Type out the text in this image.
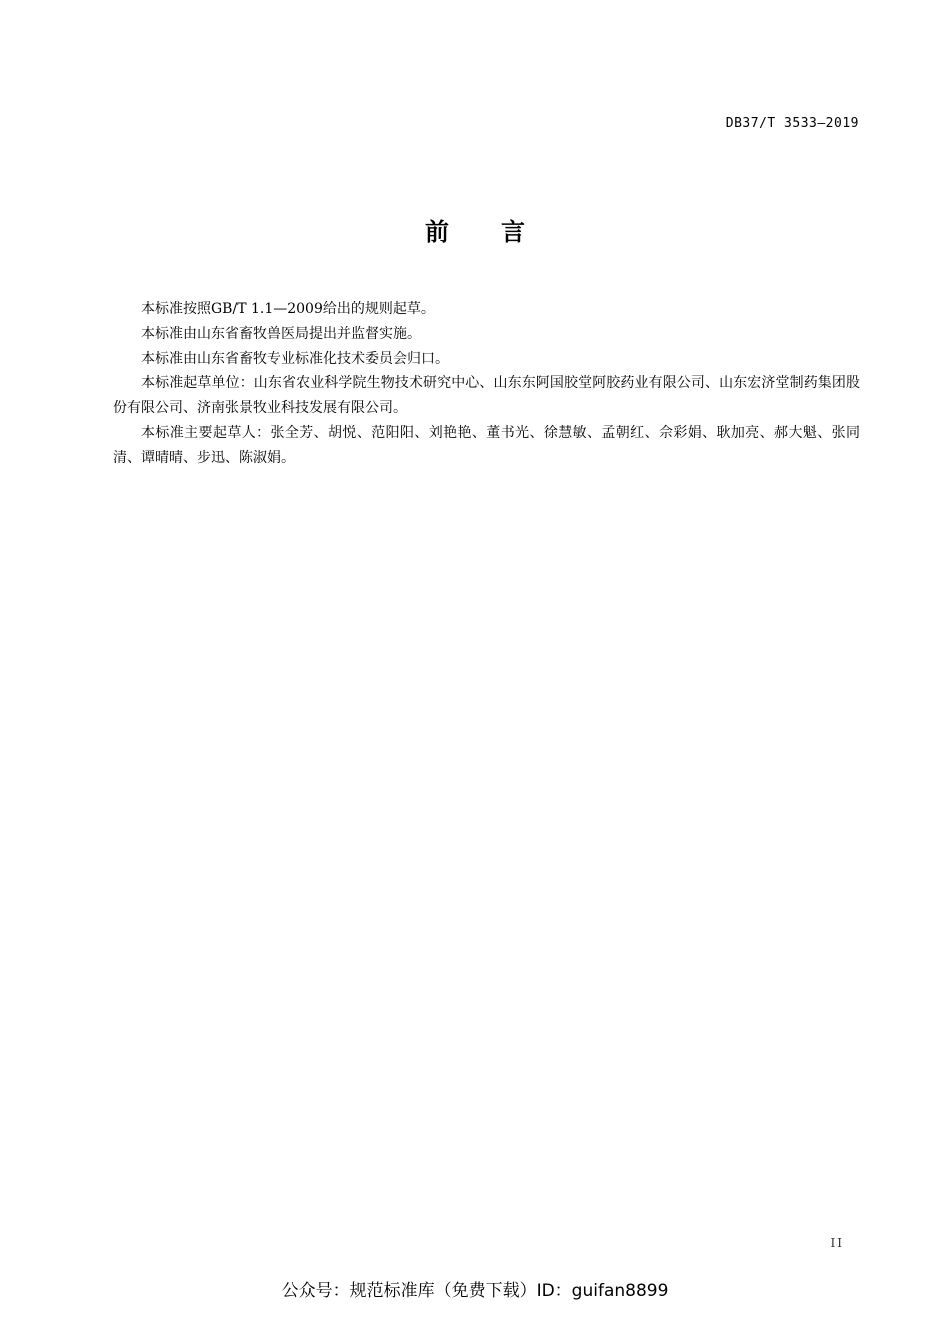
DB37/T 3533—2019
前 言

本标准按照GB/T 1.1—2009给出的规则起草。

本标准由山东省畜牧兽医局提出并监督实施。

本标准由山东省畜牧专业标准化技术委员会归口。

本标准起草单位：山东省农业科学院生物技术研究中心、山东东阿国胶堂阿胶药业有限公司、山东宏济堂制药集团股份有限公司、济南张景牧业科技发展有限公司。

本标准主要起草人：张全芳、胡悦、范阳阳、刘艳艳、董书光、徐慧敏、孟朝红、佘彩娟、耿加亮、郝大魁、张同清、谭晴晴、步迅、陈淑娟。

II
公众号：规范标准库（免费下载）ID：guifan8899
